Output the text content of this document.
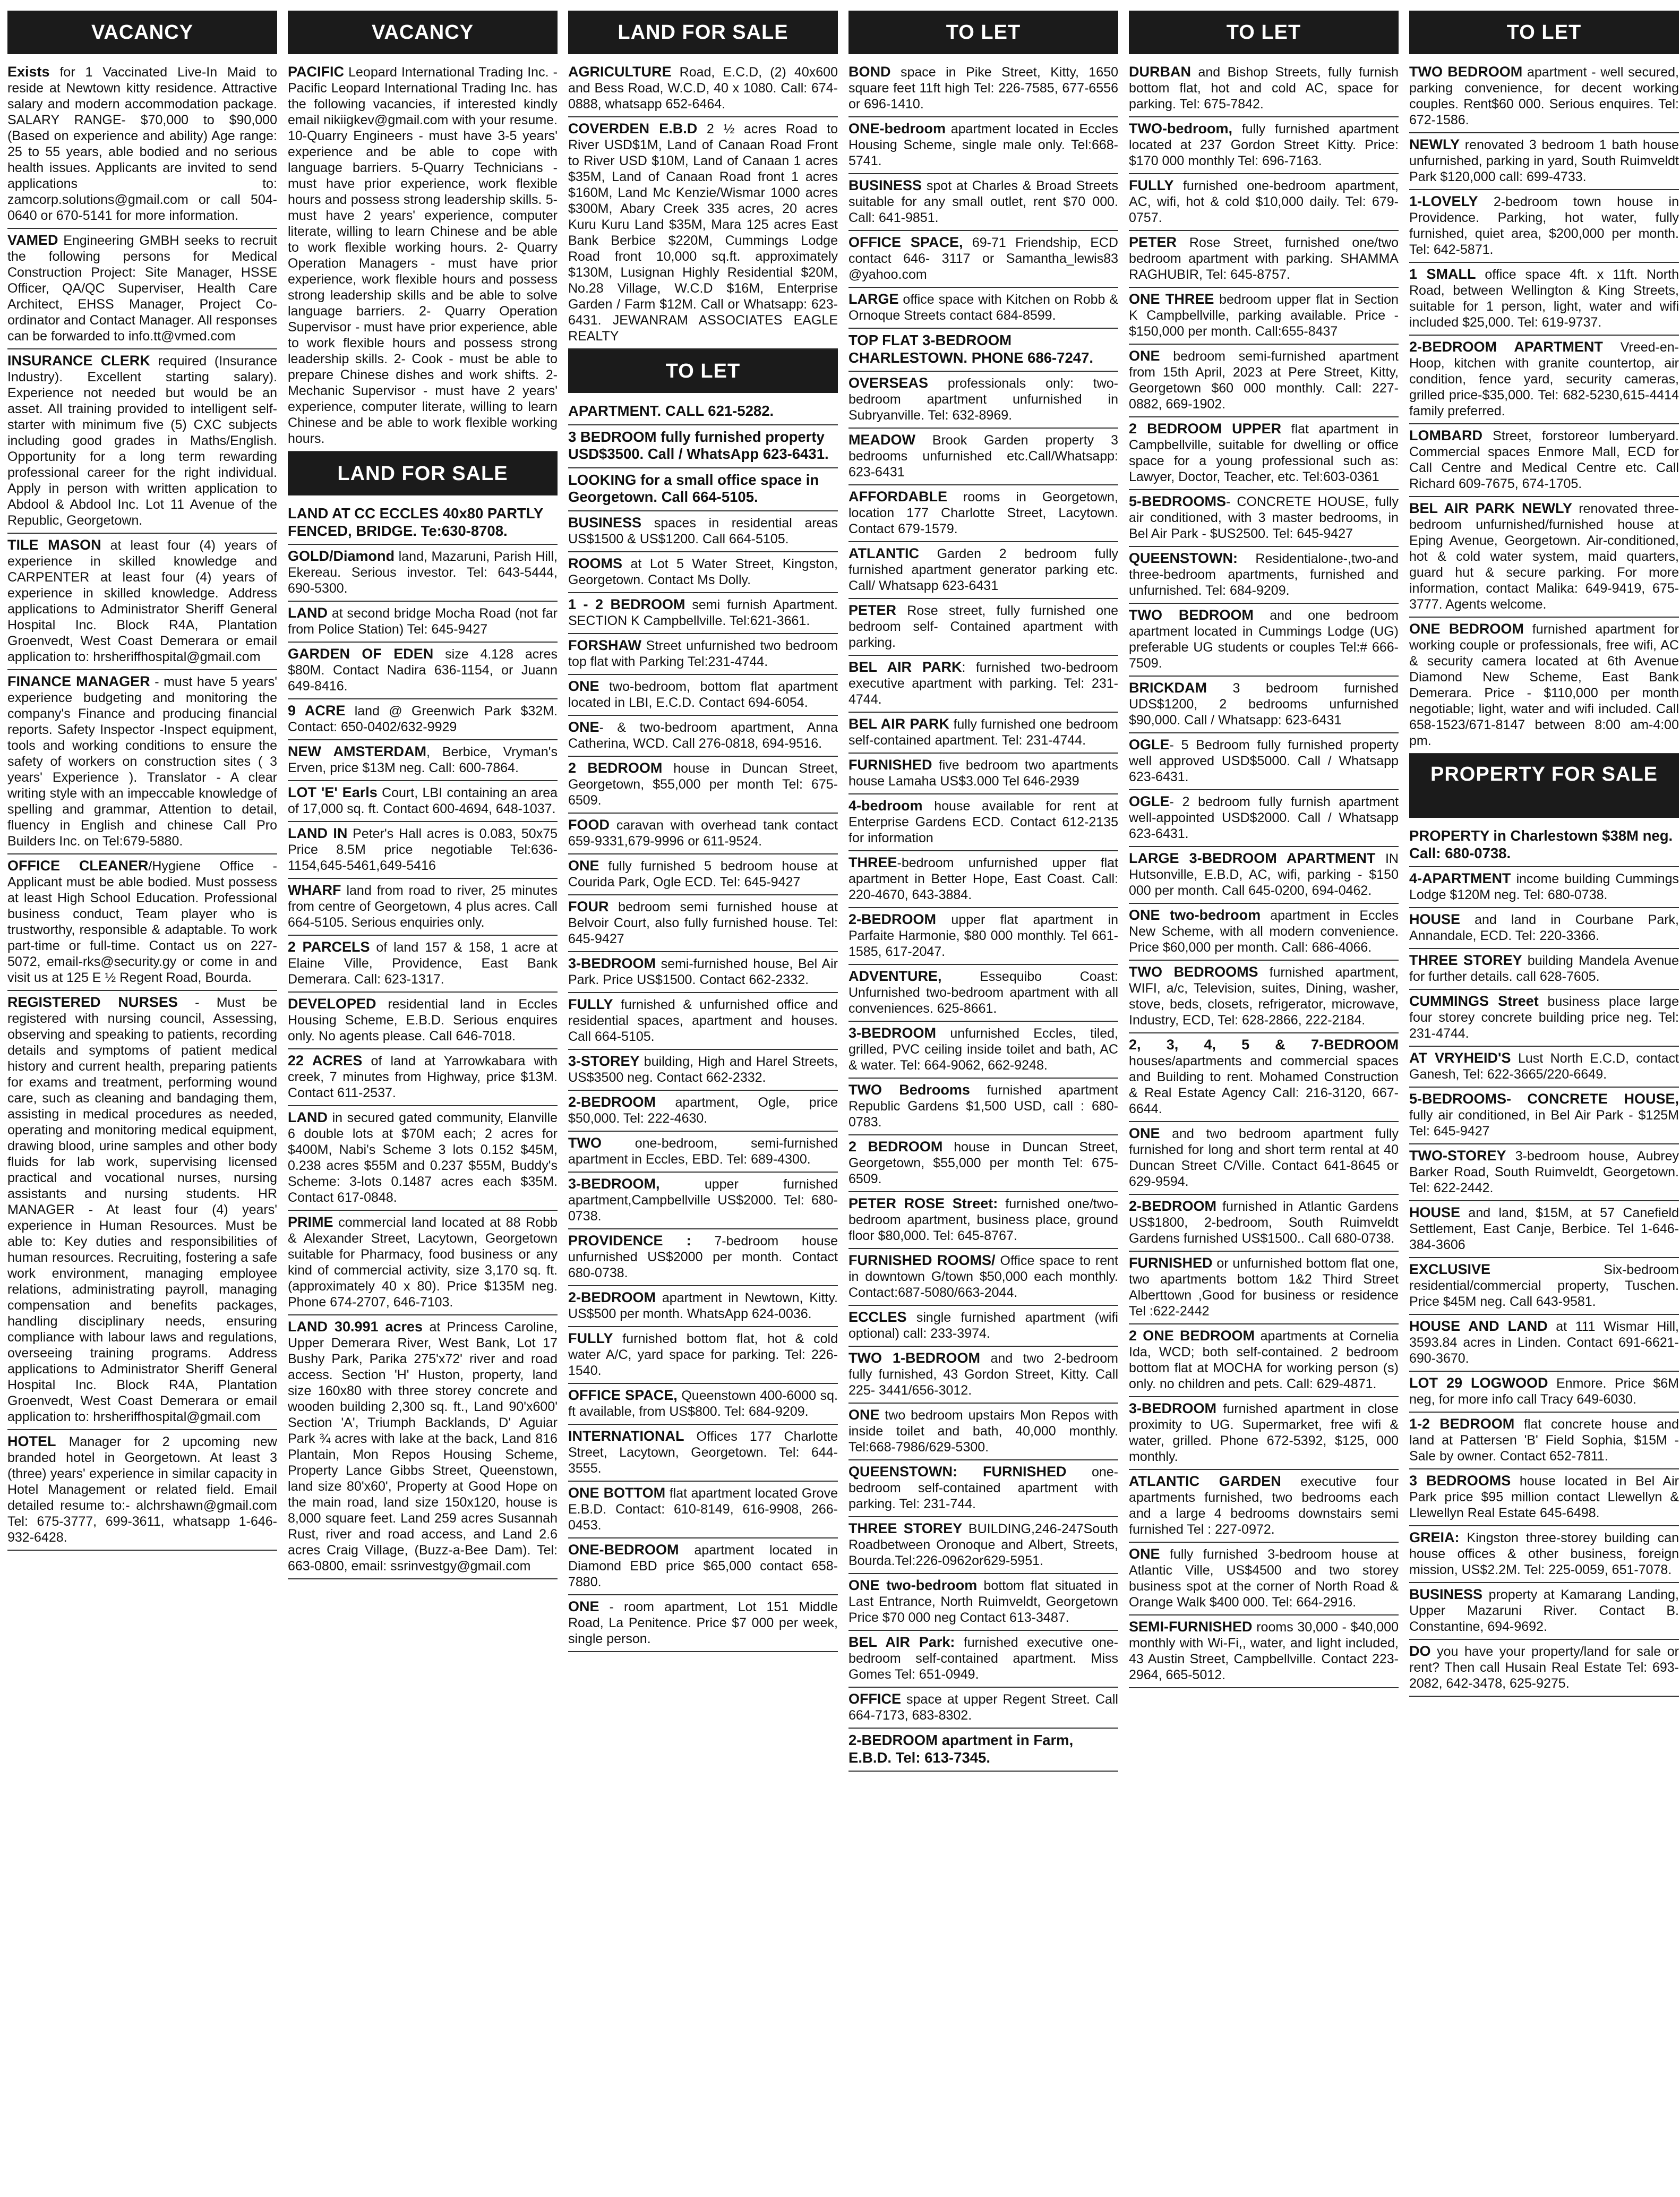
VACANCY
Exists for 1 Vaccinated Live-In Maid to reside at Newtown kitty residence. Attractive salary and modern accommodation package. SALARY RANGE- $70,000 to $90,000 (Based on experience and ability) Age range: 25 to 55 years, able bodied and no serious health issues. Applicants are invited to send applications to: zamcorp.solutions@gmail.com or call 504-0640 or 670-5141 for more information.
VAMED Engineering GMBH seeks to recruit the following persons for Medical Construction Project: Site Manager, HSSE Officer, QA/QC Superviser, Health Care Architect, EHSS Manager, Project Co-ordinator and Contact Manager. All responses can be forwarded to info.tt@vmed.com
INSURANCE CLERK required (Insurance Industry). Excellent starting salary). Experience not needed but would be an asset. All training provided to intelligent self-starter with minimum five (5) CXC subjects including good grades in Maths/English. Opportunity for a long term rewarding professional career for the right individual. Apply in person with written application to Abdool & Abdool Inc. Lot 11 Avenue of the Republic, Georgetown.
TILE MASON at least four (4) years of experience in skilled knowledge and CARPENTER at least four (4) years of experience in skilled knowledge. Address applications to Administrator Sheriff General Hospital Inc. Block R4A, Plantation Groenvedt, West Coast Demerara or email application to: hrsheriffhospital@gmail.com
FINANCE MANAGER - must have 5 years' experience budgeting and monitoring the company's Finance and producing financial reports. Safety Inspector -Inspect equipment, tools and working conditions to ensure the safety of workers on construction sites ( 3 years' Experience ). Translator - A clear writing style with an impeccable knowledge of spelling and grammar, Attention to detail, fluency in English and chinese Call Pro Builders Inc. on Tel:679-5880.
OFFICE CLEANER/Hygiene Office - Applicant must be able bodied. Must possess at least High School Education. Professional business conduct, Team player who is trustworthy, responsible & adaptable. To work part-time or full-time. Contact us on 227-5072, email-rks@security.gy or come in and visit us at 125 E ½ Regent Road, Bourda.
REGISTERED NURSES - Must be registered with nursing council, Assessing, observing and speaking to patients, recording details and symptoms of patient medical history and current health, preparing patients for exams and treatment, performing wound care, such as cleaning and bandaging them, assisting in medical procedures as needed, operating and monitoring medical equipment, drawing blood, urine samples and other body fluids for lab work, supervising licensed practical and vocational nurses, nursing assistants and nursing students. HR MANAGER - At least four (4) years' experience in Human Resources. Must be able to: Key duties and responsibilities of human resources. Recruiting, fostering a safe work environment, managing employee relations, administrating payroll, managing compensation and benefits packages, handling disciplinary needs, ensuring compliance with labour laws and regulations, overseeing training programs. Address applications to Administrator Sheriff General Hospital Inc. Block R4A, Plantation Groenvedt, West Coast Demerara or email application to: hrsheriffhospital@gmail.com
HOTEL Manager for 2 upcoming new branded hotel in Georgetown. At least 3 (three) years' experience in similar capacity in Hotel Management or related field. Email detailed resume to:- alchrshawn@gmail.com Tel: 675-3777, 699-3611, whatsapp 1-646-932-6428.
VACANCY
PACIFIC Leopard International Trading Inc. - Pacific Leopard International Trading Inc. has the following vacancies, if interested kindly email nikiigkev@gmail.com with your resume. 10-Quarry Engineers - must have 3-5 years' experience and be able to cope with language barriers. 5-Quarry Technicians - must have prior experience, work flexible hours and possess strong leadership skills. 5-must have 2 years' experience, computer literate, willing to learn Chinese and be able to work flexible working hours. 2- Quarry Operation Managers - must have prior experience, work flexible hours and possess strong leadership skills and be able to solve language barriers. 2- Quarry Operation Supervisor - must have prior experience, able to work flexible hours and possess strong leadership skills. 2- Cook - must be able to prepare Chinese dishes and work shifts. 2-Mechanic Supervisor - must have 2 years' experience, computer literate, willing to learn Chinese and be able to work flexible working hours.
LAND FOR SALE
LAND AT CC ECCLES 40x80 PARTLY FENCED, BRIDGE. Te:630-8708.
GOLD/Diamond land, Mazaruni, Parish Hill, Ekereau. Serious investor. Tel: 643-5444, 690-5300.
LAND at second bridge Mocha Road (not far from Police Station) Tel: 645-9427
GARDEN OF EDEN size 4.128 acres $80M. Contact Nadira 636-1154, or Juann 649-8416.
9 ACRE land @ Greenwich Park $32M. Contact: 650-0402/632-9929
NEW AMSTERDAM, Berbice, Vryman's Erven, price $13M neg. Call: 600-7864.
LOT 'E' Earls Court, LBI containing an area of 17,000 sq. ft. Contact 600-4694, 648-1037.
LAND IN Peter's Hall acres is 0.083, 50x75 Price 8.5M price negotiable Tel:636-1154,645-5461,649-5416
WHARF land from road to river, 25 minutes from centre of Georgetown, 4 plus acres. Call 664-5105. Serious enquiries only.
2 PARCELS of land 157 & 158, 1 acre at Elaine Ville, Providence, East Bank Demerara. Call: 623-1317.
DEVELOPED residential land in Eccles Housing Scheme, E.B.D. Serious enquires only. No agents please. Call 646-7018.
22 ACRES of land at Yarrowkabara with creek, 7 minutes from Highway, price $13M. Contact 611-2537.
LAND in secured gated community, Elanville 6 double lots at $70M each; 2 acres for $400M, Nabi's Scheme 3 lots 0.152 $45M, 0.238 acres $55M and 0.237 $55M, Buddy's Scheme: 3-lots 0.1487 acres each $35M. Contact 617-0848.
PRIME commercial land located at 88 Robb & Alexander Street, Lacytown, Georgetown suitable for Pharmacy, food business or any kind of commercial activity, size 3,170 sq. ft. (approximately 40 x 80). Price $135M neg. Phone 674-2707, 646-7103.
LAND 30.991 acres at Princess Caroline, Upper Demerara River, West Bank, Lot 17 Bushy Park, Parika 275'x72' river and road access. Section 'H' Huston, property, land size 160x80 with three storey concrete and wooden building 2,300 sq. ft., Land 90'x600' Section 'A', Triumph Backlands, D' Aguiar Park ¾ acres with lake at the back, Land 816 Plantain, Mon Repos Housing Scheme, Property Lance Gibbs Street, Queenstown, land size 80'x60', Property at Good Hope on the main road, land size 150x120, house is 8,000 square feet. Land 259 acres Susannah Rust, river and road access, and Land 2.6 acres Craig Village, (Buzz-a-Bee Dam). Tel: 663-0800, email: ssrinvestgy@gmail.com
LAND FOR SALE
AGRICULTURE Road, E.C.D, (2) 40x600 and Bess Road, W.C.D, 40 x 1080. Call: 674-0888, whatsapp 652-6464.
COVERDEN E.B.D 2 ½ acres Road to River USD$1M, Land of Canaan Road Front to River USD $10M, Land of Canaan 1 acres $35M, Land of Canaan Road front 1 acres $160M, Land Mc Kenzie/Wismar 1000 acres $300M, Abary Creek 335 acres, 20 acres Kuru Kuru Land $35M, Mara 125 acres East Bank Berbice $220M, Cummings Lodge Road front 10,000 sq.ft. approximately $130M, Lusignan Highly Residential $20M, No.28 Village, W.C.D $16M, Enterprise Garden / Farm $12M. Call or Whatsapp: 623-6431. JEWANRAM ASSOCIATES EAGLE REALTY
TO LET
APARTMENT. CALL 621-5282.
3 BEDROOM fully furnished property USD$3500. Call / WhatsApp 623-6431.
LOOKING for a small office space in Georgetown. Call 664-5105.
BUSINESS spaces in residential areas US$1500 & US$1200. Call 664-5105.
ROOMS at Lot 5 Water Street, Kingston, Georgetown. Contact Ms Dolly.
1 - 2 BEDROOM semi furnish Apartment. SECTION K Campbellville. Tel:621-3661.
FORSHAW Street unfurnished two bedroom top flat with Parking Tel:231-4744.
ONE two-bedroom, bottom flat apartment located in LBI, E.C.D. Contact 694-6054.
ONE- & two-bedroom apartment, Anna Catherina, WCD. Call 276-0818, 694-9516.
2 BEDROOM house in Duncan Street, Georgetown, $55,000 per month Tel: 675-6509.
FOOD caravan with overhead tank contact 659-9331,679-9996 or 611-9524.
ONE fully furnished 5 bedroom house at Courida Park, Ogle ECD. Tel: 645-9427
FOUR bedroom semi furnished house at Belvoir Court, also fully furnished house. Tel: 645-9427
3-BEDROOM semi-furnished house, Bel Air Park. Price US$1500. Contact 662-2332.
FULLY furnished & unfurnished office and residential spaces, apartment and houses. Call 664-5105.
3-STOREY building, High and Harel Streets, US$3500 neg. Contact 662-2332.
2-BEDROOM apartment, Ogle, price $50,000. Tel: 222-4630.
TWO one-bedroom, semi-furnished apartment in Eccles, EBD. Tel: 689-4300.
3-BEDROOM, upper furnished apartment,Campbellville US$2000. Tel: 680-0738.
PROVIDENCE : 7-bedroom house unfurnished US$2000 per month. Contact 680-0738.
2-BEDROOM apartment in Newtown, Kitty. US$500 per month. WhatsApp 624-0036.
FULLY furnished bottom flat, hot & cold water A/C, yard space for parking. Tel: 226-1540.
OFFICE SPACE, Queenstown 400-6000 sq. ft available, from US$800. Tel: 684-9209.
INTERNATIONAL Offices 177 Charlotte Street, Lacytown, Georgetown. Tel: 644-3555.
ONE BOTTOM flat apartment located Grove E.B.D. Contact: 610-8149, 616-9908, 266-0453.
ONE-BEDROOM apartment located in Diamond EBD price $65,000 contact 658-7880.
ONE - room apartment, Lot 151 Middle Road, La Penitence. Price $7 000 per week, single person.
TO LET
BOND space in Pike Street, Kitty, 1650 square feet 11ft high Tel: 226-7585, 677-6556 or 696-1410.
ONE-bedroom apartment located in Eccles Housing Scheme, single male only. Tel:668-5741.
BUSINESS spot at Charles & Broad Streets suitable for any small outlet, rent $70 000. Call: 641-9851.
OFFICE SPACE, 69-71 Friendship, ECD contact 646- 3117 or Samantha_lewis83 @yahoo.com
LARGE office space with Kitchen on Robb & Ornoque Streets contact 684-8599.
TOP FLAT 3-BEDROOM CHARLESTOWN. PHONE 686-7247.
OVERSEAS professionals only: two-bedroom apartment unfurnished in Subryanville. Tel: 632-8969.
MEADOW Brook Garden property 3 bedrooms unfurnished etc.Call/Whatsapp: 623-6431
AFFORDABLE rooms in Georgetown, location 177 Charlotte Street, Lacytown. Contact 679-1579.
ATLANTIC Garden 2 bedroom fully furnished apartment generator parking etc. Call/ Whatsapp 623-6431
PETER Rose street, fully furnished one bedroom self- Contained apartment with parking.
BEL AIR PARK: furnished two-bedroom executive apartment with parking. Tel: 231-4744.
BEL AIR PARK fully furnished one bedroom self-contained apartment. Tel: 231-4744.
FURNISHED five bedroom two apartments house Lamaha US$3.000 Tel 646-2939
4-bedroom house available for rent at Enterprise Gardens ECD. Contact 612-2135 for information
THREE-bedroom unfurnished upper flat apartment in Better Hope, East Coast. Call: 220-4670, 643-3884.
2-BEDROOM upper flat apartment in Parfaite Harmonie, $80 000 monthly. Tel 661-1585, 617-2047.
ADVENTURE, Essequibo Coast: Unfurnished two-bedroom apartment with all conveniences. 625-8661.
3-BEDROOM unfurnished Eccles, tiled, grilled, PVC ceiling inside toilet and bath, AC & water. Tel: 664-9062, 662-9248.
TWO Bedrooms furnished apartment Republic Gardens $1,500 USD, call : 680-0783.
2 BEDROOM house in Duncan Street, Georgetown, $55,000 per month Tel: 675-6509.
PETER ROSE Street: furnished one/two-bedroom apartment, business place, ground floor $80,000. Tel: 645-8767.
FURNISHED ROOMS/ Office space to rent in downtown G/town $50,000 each monthly. Contact:687-5080/663-2044.
ECCLES single furnished apartment (wifi optional) call: 233-3974.
TWO 1-BEDROOM and two 2-bedroom fully furnished, 43 Gordon Street, Kitty. Call 225- 3441/656-3012.
ONE two bedroom upstairs Mon Repos with inside toilet and bath, 40,000 monthly. Tel:668-7986/629-5300.
QUEENSTOWN: FURNISHED one-bedroom self-contained apartment with parking. Tel: 231-744.
THREE STOREY BUILDING,246-247South Roadbetween Oronoque and Albert, Streets, Bourda.Tel:226-0962or629-5951.
ONE two-bedroom bottom flat situated in Last Entrance, North Ruimveldt, Georgetown Price $70 000 neg Contact 613-3487.
BEL AIR Park: furnished executive one-bedroom self-contained apartment. Miss Gomes Tel: 651-0949.
OFFICE space at upper Regent Street. Call 664-7173, 683-8302.
2-BEDROOM apartment in Farm, E.B.D. Tel: 613-7345.
TO LET
DURBAN and Bishop Streets, fully furnish bottom flat, hot and cold AC, space for parking. Tel: 675-7842.
TWO-bedroom, fully furnished apartment located at 237 Gordon Street Kitty. Price: $170 000 monthly Tel: 696-7163.
FULLY furnished one-bedroom apartment, AC, wifi, hot & cold $10,000 daily. Tel: 679-0757.
PETER Rose Street, furnished one/two bedroom apartment with parking. SHAMMA RAGHUBIR, Tel: 645-8757.
ONE THREE bedroom upper flat in Section K Campbellville, parking available. Price - $150,000 per month. Call:655-8437
ONE bedroom semi-furnished apartment from 15th April, 2023 at Pere Street, Kitty, Georgetown $60 000 monthly. Call: 227-0882, 669-1902.
2 BEDROOM UPPER flat apartment in Campbellville, suitable for dwelling or office space for a young professional such as: Lawyer, Doctor, Teacher, etc. Tel:603-0361
5-BEDROOMS- CONCRETE HOUSE, fully air conditioned, with 3 master bedrooms, in Bel Air Park - $US2500. Tel: 645-9427
QUEENSTOWN: Residentialone-,two-and three-bedroom apartments, furnished and unfurnished. Tel: 684-9209.
TWO BEDROOM and one bedroom apartment located in Cummings Lodge (UG) preferable UG students or couples Tel:# 666-7509.
BRICKDAM 3 bedroom furnished UDS$1200, 2 bedrooms unfurnished $90,000. Call / Whatsapp: 623-6431
OGLE- 5 Bedroom fully furnished property well approved USD$5000. Call / Whatsapp 623-6431.
OGLE- 2 bedroom fully furnish apartment well-appointed USD$2000. Call / Whatsapp 623-6431.
LARGE 3-BEDROOM APARTMENT IN Hutsonville, E.B.D, AC, wifi, parking - $150 000 per month. Call 645-0200, 694-0462.
ONE two-bedroom apartment in Eccles New Scheme, with all modern convenience. Price $60,000 per month. Call: 686-4066.
TWO BEDROOMS furnished apartment, WIFI, a/c, Television, suites, Dining, washer, stove, beds, closets, refrigerator, microwave, Industry, ECD, Tel: 628-2866, 222-2184.
2, 3, 4, 5 & 7-BEDROOM houses/apartments and commercial spaces and Building to rent. Mohamed Construction & Real Estate Agency Call: 216-3120, 667-6644.
ONE and two bedroom apartment fully furnished for long and short term rental at 40 Duncan Street C/Ville. Contact 641-8645 or 629-9594.
2-BEDROOM furnished in Atlantic Gardens US$1800, 2-bedroom, South Ruimveldt Gardens furnished US$1500.. Call 680-0738.
FURNISHED or unfurnished bottom flat one, two apartments bottom 1&2 Third Street Alberttown ,Good for business or residence Tel :622-2442
2 ONE BEDROOM apartments at Cornelia Ida, WCD; both self-contained. 2 bedroom bottom flat at MOCHA for working person (s) only. no children and pets. Call: 629-4871.
3-BEDROOM furnished apartment in close proximity to UG. Supermarket, free wifi & water, grilled. Phone 672-5392, $125, 000 monthly.
ATLANTIC GARDEN executive four apartments furnished, two bedrooms each and a large 4 bedrooms downstairs semi furnished Tel : 227-0972.
ONE fully furnished 3-bedroom house at Atlantic Ville, US$4500 and two storey business spot at the corner of North Road & Orange Walk $400 000. Tel: 664-2916.
SEMI-FURNISHED rooms 30,000 - $40,000 monthly with Wi-Fi,, water, and light included, 43 Austin Street, Campbellville. Contact 223-2964, 665-5012.
TO LET
TWO BEDROOM apartment - well secured, parking convenience, for decent working couples. Rent$60 000. Serious enquires. Tel: 672-1586.
NEWLY renovated 3 bedroom 1 bath house unfurnished, parking in yard, South Ruimveldt Park $120,000 call: 699-4733.
1-LOVELY 2-bedroom town house in Providence. Parking, hot water, fully furnished, quiet area, $200,000 per month. Tel: 642-5871.
1 SMALL office space 4ft. x 11ft. North Road, between Wellington & King Streets, suitable for 1 person, light, water and wifi included $25,000. Tel: 619-9737.
2-BEDROOM APARTMENT Vreed-en-Hoop, kitchen with granite countertop, air condition, fence yard, security cameras, grilled price-$35,000. Tel: 682-5230,615-4414 family preferred.
LOMBARD Street, forstoreor lumberyard. Commercial spaces Enmore Mall, ECD for Call Centre and Medical Centre etc. Call Richard 609-7675, 674-1705.
BEL AIR PARK NEWLY renovated three-bedroom unfurnished/furnished house at Eping Avenue, Georgetown. Air-conditioned, hot & cold water system, maid quarters, guard hut & secure parking. For more information, contact Malika: 649-9419, 675-3777. Agents welcome.
ONE BEDROOM furnished apartment for working couple or professionals, free wifi, AC & security camera located at 6th Avenue Diamond New Scheme, East Bank Demerara. Price - $110,000 per month negotiable; light, water and wifi included. Call 658-1523/671-8147 between 8:00 am-4:00 pm.
PROPERTY FOR SALE
PROPERTY in Charlestown $38M neg. Call: 680-0738.
4-APARTMENT income building Cummings Lodge $120M neg. Tel: 680-0738.
HOUSE and land in Courbane Park, Annandale, ECD. Tel: 220-3366.
THREE STOREY building Mandela Avenue for further details. call 628-7605.
CUMMINGS Street business place large four storey concrete building price neg. Tel: 231-4744.
AT VRYHEID'S Lust North E.C.D, contact Ganesh, Tel: 622-3665/220-6649.
5-BEDROOMS- CONCRETE HOUSE, fully air conditioned, in Bel Air Park - $125M Tel: 645-9427
TWO-STOREY 3-bedroom house, Aubrey Barker Road, South Ruimveldt, Georgetown. Tel: 622-2442.
HOUSE and land, $15M, at 57 Canefield Settlement, East Canje, Berbice. Tel 1-646-384-3606
EXCLUSIVE Six-bedroom residential/commercial property, Tuschen. Price $45M neg. Call 643-9581.
HOUSE AND LAND at 111 Wismar Hill, 3593.84 acres in Linden. Contact 691-6621-690-3670.
LOT 29 LOGWOOD Enmore. Price $6M neg, for more info call Tracy 649-6030.
1-2 BEDROOM flat concrete house and land at Pattersen 'B' Field Sophia, $15M - Sale by owner. Contact 652-7811.
3 BEDROOMS house located in Bel Air Park price $95 million contact Llewellyn & Llewellyn Real Estate 645-6498.
GREIA: Kingston three-storey building can house offices & other business, foreign mission, US$2.2M. Tel: 225-0059, 651-7078.
BUSINESS property at Kamarang Landing, Upper Mazaruni River. Contact B. Constantine, 694-9692.
DO you have your property/land for sale or rent? Then call Husain Real Estate Tel: 693-2082, 642-3478, 625-9275.
